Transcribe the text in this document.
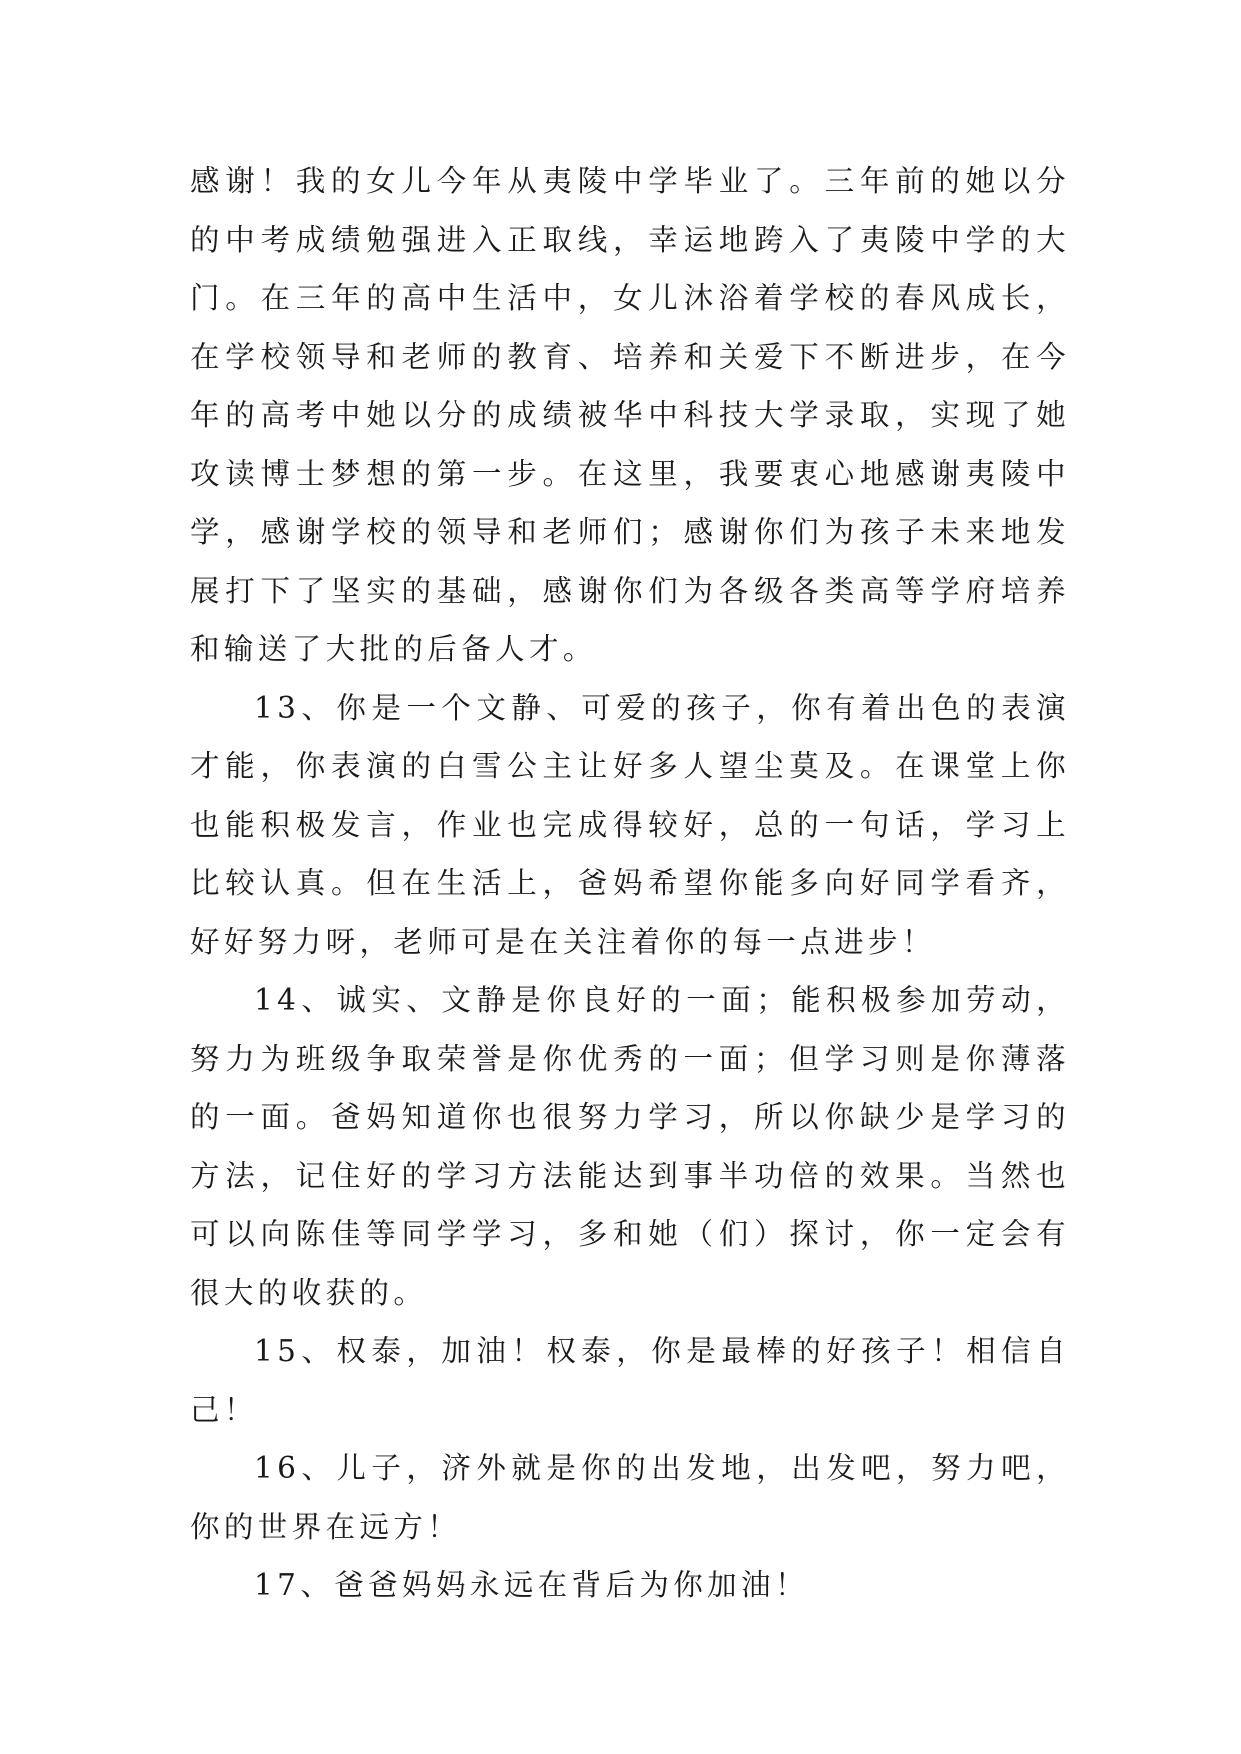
感谢！我的女儿今年从夷陵中学毕业了。三年前的她以分的中考成绩勉强进入正取线，幸运地跨入了夷陵中学的大门。在三年的高中生活中，女儿沐浴着学校的春风成长，在学校领导和老师的教育、培养和关爱下不断进步，在今年的高考中她以分的成绩被华中科技大学录取，实现了她攻读博士梦想的第一步。在这里，我要衷心地感谢夷陵中学，感谢学校的领导和老师们；感谢你们为孩子未来地发展打下了坚实的基础，感谢你们为各级各类高等学府培养和输送了大批的后备人才。

13、你是一个文静、可爱的孩子，你有着出色的表演才能，你表演的白雪公主让好多人望尘莫及。在课堂上你也能积极发言，作业也完成得较好，总的一句话，学习上比较认真。但在生活上，爸妈希望你能多向好同学看齐，好好努力呀，老师可是在关注着你的每一点进步！

14、诚实、文静是你良好的一面；能积极参加劳动，努力为班级争取荣誉是你优秀的一面；但学习则是你薄落的一面。爸妈知道你也很努力学习，所以你缺少是学习的方法，记住好的学习方法能达到事半功倍的效果。当然也可以向陈佳等同学学习，多和她（们）探讨，你一定会有很大的收获的。

15、权泰，加油！权泰，你是最棒的好孩子！相信自己！

16、儿子，济外就是你的出发地，出发吧，努力吧，你的世界在远方！

17、爸爸妈妈永远在背后为你加油！
